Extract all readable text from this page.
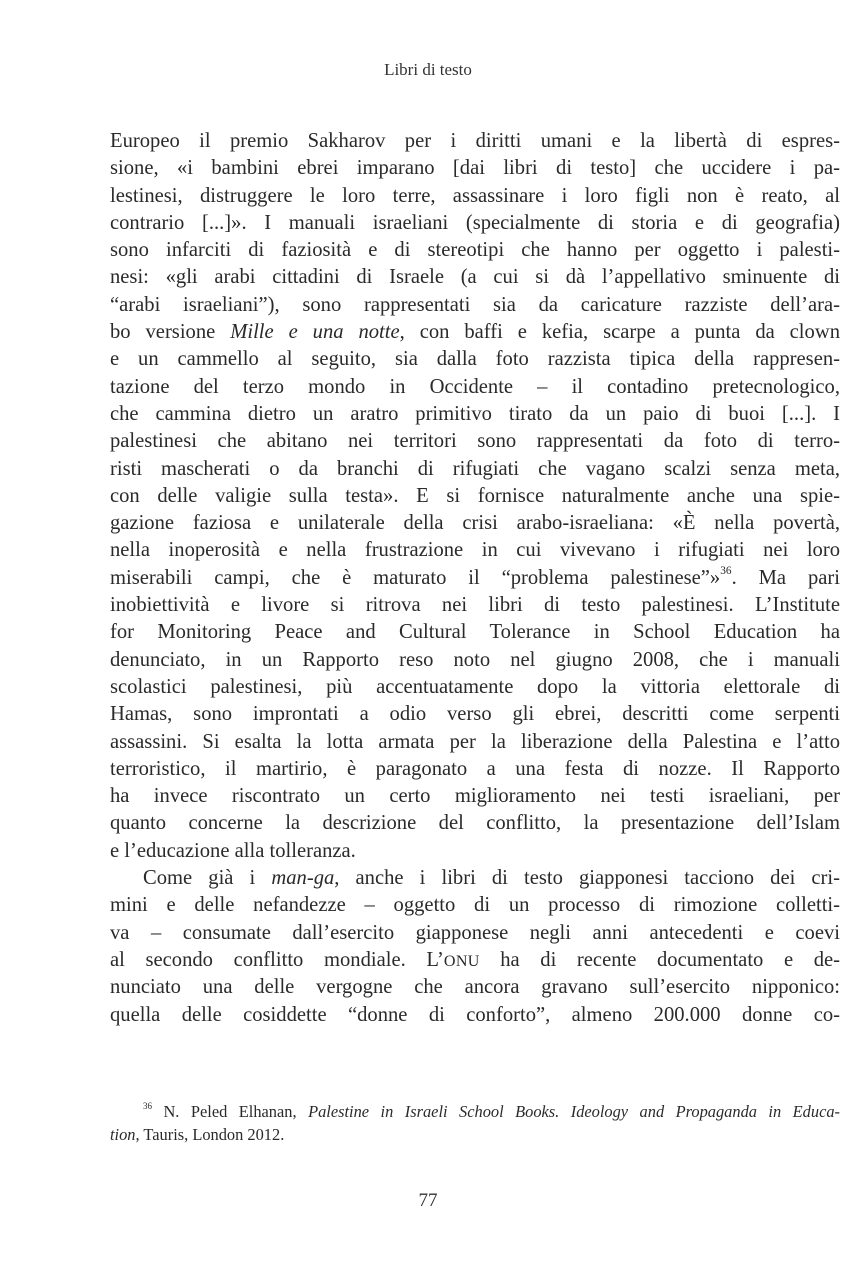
Libri di testo
Europeo il premio Sakharov per i diritti umani e la libertà di espres-
sione, «i bambini ebrei imparano [dai libri di testo] che uccidere i pa-
lestinesi, distruggere le loro terre, assassinare i loro figli non è reato, al
contrario [...]». I manuali israeliani (specialmente di storia e di geografia)
sono infarciti di faziosità e di stereotipi che hanno per oggetto i palesti-
nesi: «gli arabi cittadini di Israele (a cui si dà l’appellativo sminuente di
“arabi israeliani”), sono rappresentati sia da caricature razziste dell’ara-
bo versione Mille e una notte, con baffi e kefia, scarpe a punta da clown
e un cammello al seguito, sia dalla foto razzista tipica della rappresen-
tazione del terzo mondo in Occidente – il contadino pretecnologico,
che cammina dietro un aratro primitivo tirato da un paio di buoi [...]. I
palestinesi che abitano nei territori sono rappresentati da foto di terro-
risti mascherati o da branchi di rifugiati che vagano scalzi senza meta,
con delle valigie sulla testa». E si fornisce naturalmente anche una spie-
gazione faziosa e unilaterale della crisi arabo-israeliana: «È nella povertà,
nella inoperosità e nella frustrazione in cui vivevano i rifugiati nei loro
miserabili campi, che è maturato il “problema palestinese”»$^{36}$. Ma pari
inobiettività e livore si ritrova nei libri di testo palestinesi. L’Institute
for Monitoring Peace and Cultural Tolerance in School Education ha
denunciato, in un Rapporto reso noto nel giugno 2008, che i manuali
scolastici palestinesi, più accentuatamente dopo la vittoria elettorale di
Hamas, sono improntati a odio verso gli ebrei, descritti come serpenti
assassini. Si esalta la lotta armata per la liberazione della Palestina e l’atto
terroristico, il martirio, è paragonato a una festa di nozze. Il Rapporto
ha invece riscontrato un certo miglioramento nei testi israeliani, per
quanto concerne la descrizione del conflitto, la presentazione dell’Islam
e l’educazione alla tolleranza.
Come già i man-ga, anche i libri di testo giapponesi tacciono dei cri-
mini e delle nefandezze – oggetto di un processo di rimozione colletti-
va – consumate dall’esercito giapponese negli anni antecedenti e coevi
al secondo conflitto mondiale. L’ONU ha di recente documentato e de-
nunciato una delle vergogne che ancora gravano sull’esercito nipponico:
quella delle cosiddette “donne di conforto”, almeno 200.000 donne co-
$^{36}$ N. Peled Elhanan, Palestine in Israeli School Books. Ideology and Propaganda in Educa-
tion, Tauris, London 2012.
77
